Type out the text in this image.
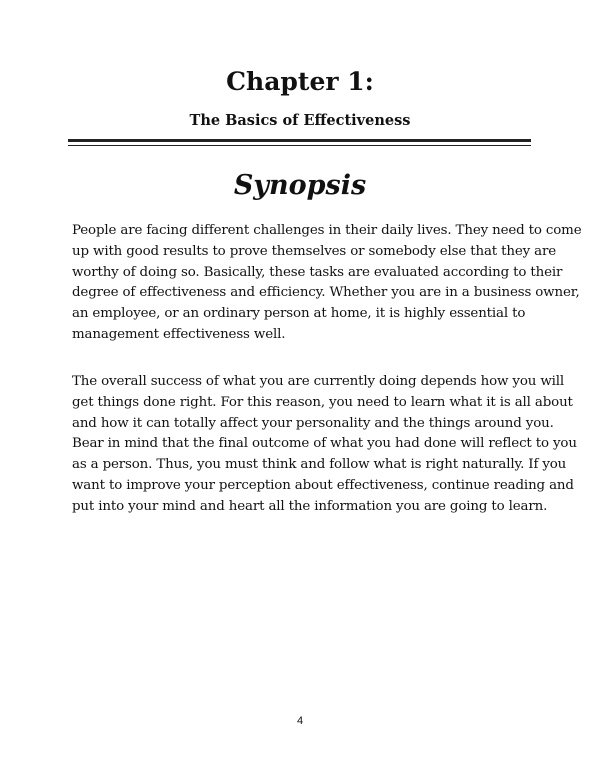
Chapter 1:
The Basics of Effectiveness
Synopsis

People are facing different challenges in their daily lives. They need to come
up with good results to prove themselves or somebody else that they are
worthy of doing so. Basically, these tasks are evaluated according to their
degree of effectiveness and efficiency. Whether you are in a business owner,
an employee, or an ordinary person at home, it is highly essential to
management effectiveness well.

The overall success of what you are currently doing depends how you will
get things done right. For this reason, you need to learn what it is all about
and how it can totally affect your personality and the things around you.
Bear in mind that the final outcome of what you had done will reflect to you
as a person. Thus, you must think and follow what is right naturally. If you
want to improve your perception about effectiveness, continue reading and
put into your mind and heart all the information you are going to learn.

4
